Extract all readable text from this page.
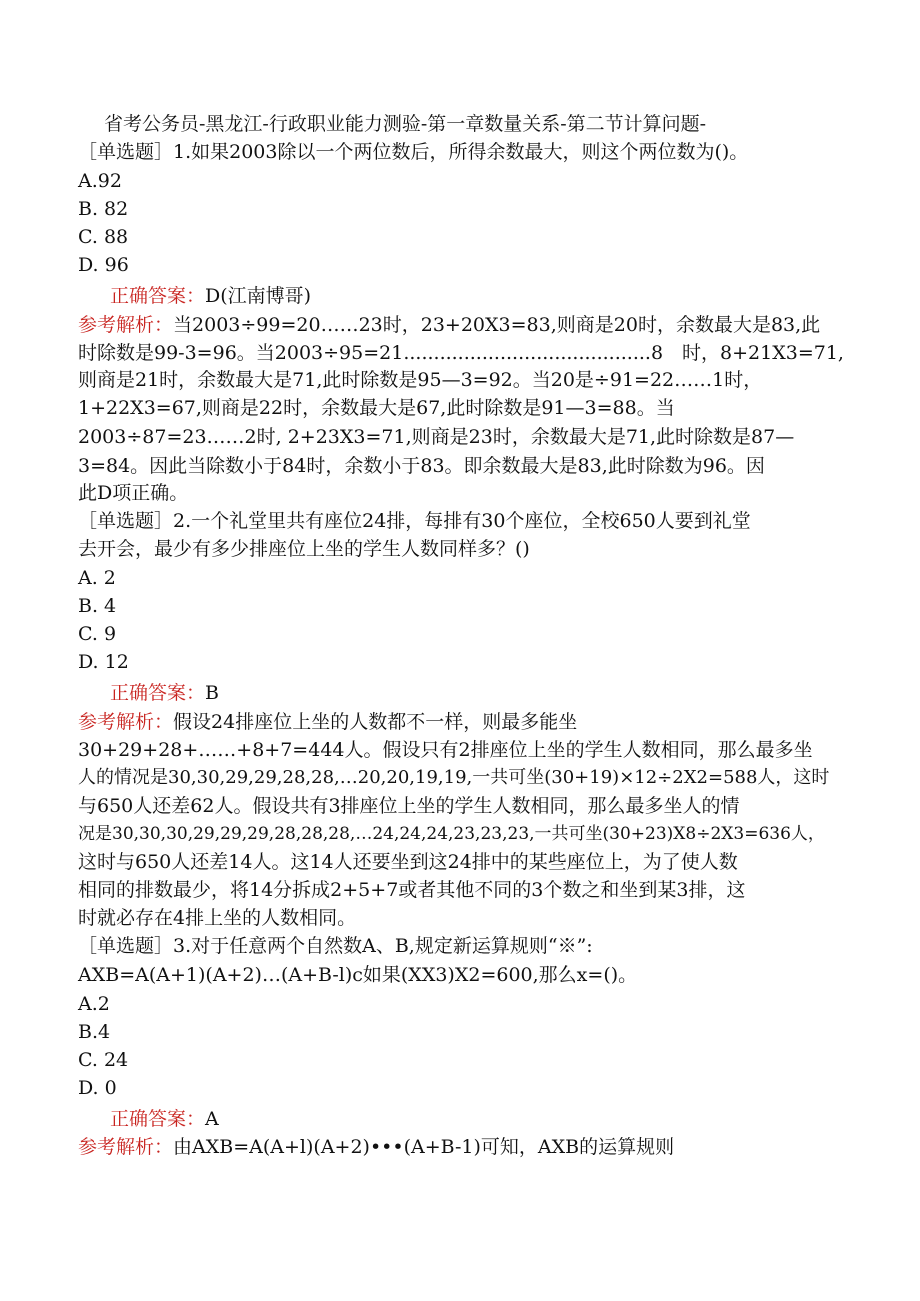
省考公务员-黑龙江-行政职业能力测验-第一章数量关系-第二节计算问题-
［单选题］1.如果2003除以一个两位数后，所得余数最大，则这个两位数为()。
A.92
B. 82
C. 88
D. 96
正确答案：D(江南博哥)
参考解析：当2003÷99=20……23时，23+20X3=83,则商是20时，余数最大是83,此
时除数是99-3=96。当2003÷95=21.........................................8　时，8+21X3=71,
则商是21时，余数最大是71,此时除数是95—3=92。当20是÷91=22……1时，
1+22X3=67,则商是22时，余数最大是67,此时除数是91—3=88。当
2003÷87=23……2时, 2+23X3=71,则商是23时，余数最大是71,此时除数是87—
3=84。因此当除数小于84时，余数小于83。即余数最大是83,此时除数为96。因
此D项正确。
［单选题］2.一个礼堂里共有座位24排，每排有30个座位，全校650人要到礼堂
去开会，最少有多少排座位上坐的学生人数同样多？()
A. 2
B. 4
C. 9
D. 12
正确答案：B
参考解析：假设24排座位上坐的人数都不一样，则最多能坐
30+29+28+……+8+7=444人。假设只有2排座位上坐的学生人数相同，那么最多坐
人的情况是30,30,29,29,28,28,…20,20,19,19,一共可坐(30+19)×12÷2X2=588人，这时
与650人还差62人。假设共有3排座位上坐的学生人数相同，那么最多坐人的情
况是30,30,30,29,29,29,28,28,28,…24,24,24,23,23,23,一共可坐(30+23)X8÷2X3=636人，
这时与650人还差14人。这14人还要坐到这24排中的某些座位上，为了使人数
相同的排数最少，将14分拆成2+5+7或者其他不同的3个数之和坐到某3排，这
时就必存在4排上坐的人数相同。
［单选题］3.对于任意两个自然数A、B,规定新运算规则“※”:
AXB=A(A+1)(A+2)…(A+B-l)c如果(XX3)X2=600,那么x=()。
A.2
B.4
C. 24
D. 0
正确答案：A
参考解析：由AXB=A(A+l)(A+2)•••(A+B-1)可知，AXB的运算规则
